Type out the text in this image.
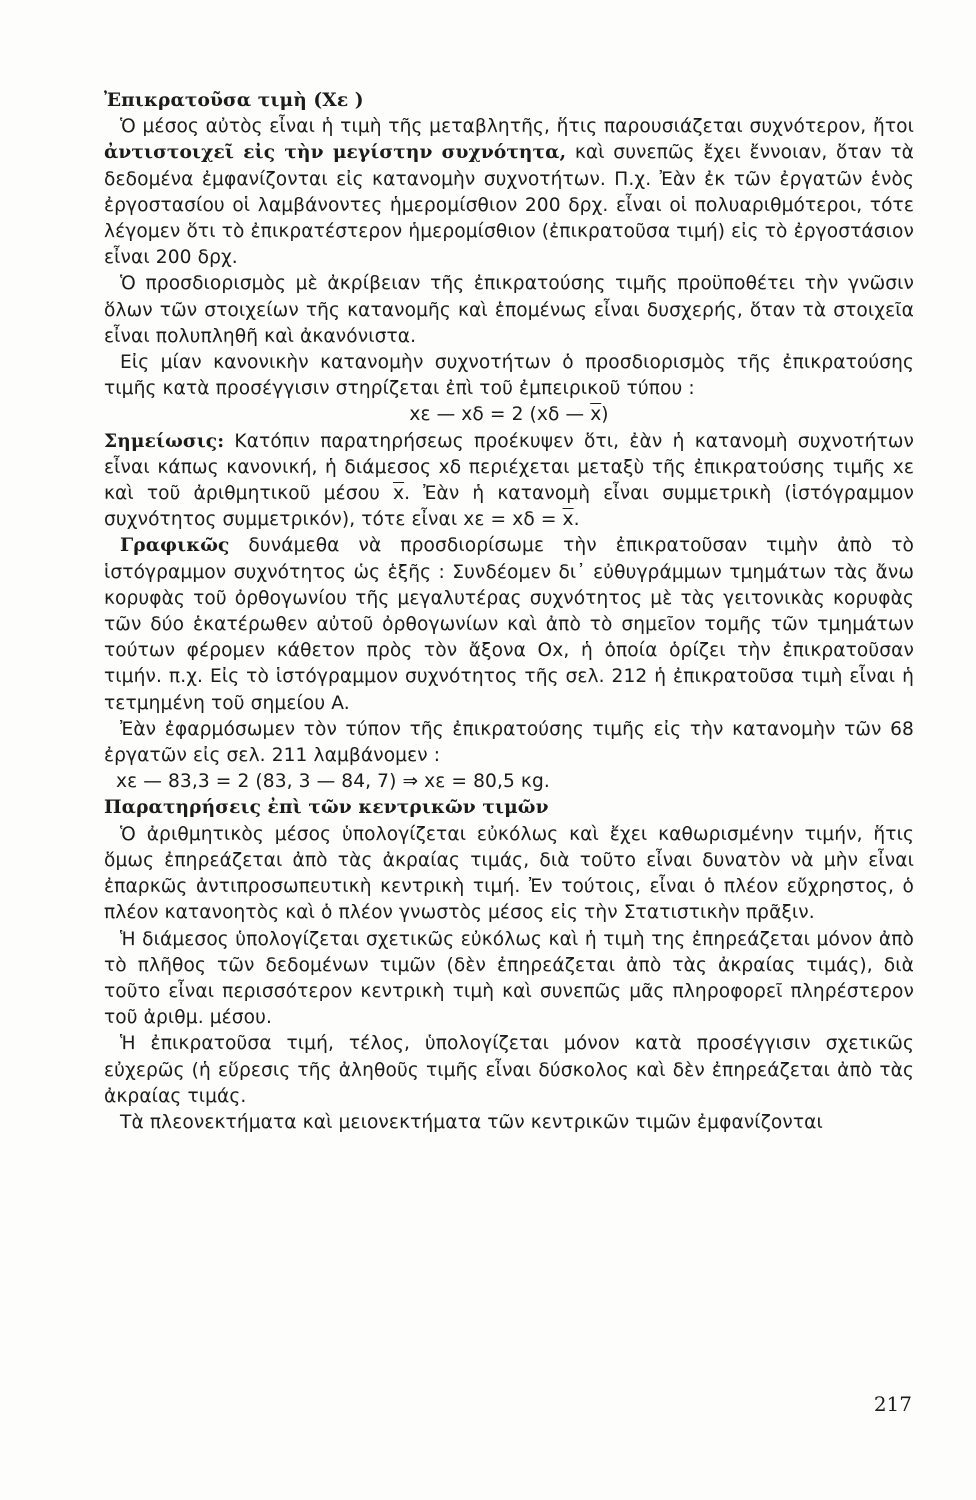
Ἐπικρατοῦσα τιμὴ (Xε )

Ὁ μέσος αὐτὸς εἶναι ἡ τιμὴ τῆς μεταβλητῆς, ἥτις παρουσιάζεται συχνότερον, ἤτοι ἀντιστοιχεῖ εἰς τὴν μεγίστην συχνότητα, καὶ συνεπῶς ἔχει ἔννοιαν, ὅταν τὰ δεδομένα ἐμφανίζονται εἰς κατανομὴν συχνοτήτων. Π.χ. Ἐὰν ἐκ τῶν ἐργατῶν ἑνὸς ἐργοστασίου οἱ λαμβάνοντες ἡμερομίσθιον 200 δρχ. εἶναι οἱ πολυαριθμότεροι, τότε λέγομεν ὅτι τὸ ἐπικρατέστερον ἡμερομίσθιον (ἐπικρατοῦσα τιμή) εἰς τὸ ἐργοστάσιον εἶναι 200 δρχ.

Ὁ προσδιορισμὸς μὲ ἀκρίβειαν τῆς ἐπικρατούσης τιμῆς προϋποθέτει τὴν γνῶσιν ὅλων τῶν στοιχείων τῆς κατανομῆς καὶ ἑπομένως εἶναι δυσχερής, ὅταν τὰ στοιχεῖα εἶναι πολυπληθῆ καὶ ἀκανόνιστα.

Εἰς μίαν κανονικὴν κατανομὴν συχνοτήτων ὁ προσδιορισμὸς τῆς ἐπικρατούσης τιμῆς κατὰ προσέγγισιν στηρίζεται ἐπὶ τοῦ ἐμπειρικοῦ τύπου :

xε — xδ = 2 (xδ — $\overline{x}$)

Σημείωσις: Κατόπιν παρατηρήσεως προέκυψεν ὅτι, ἐὰν ἡ κατανομὴ συχνοτήτων εἶναι κάπως κανονική, ἡ διάμεσος xδ περιέχεται μεταξὺ τῆς ἐπικρατούσης τιμῆς xε καὶ τοῦ ἀριθμητικοῦ μέσου $\overline{x}$. Ἐὰν ἡ κατανομὴ εἶναι συμμετρικὴ (ἱστόγραμμον συχνότητος συμμετρικόν), τότε εἶναι $x\varepsilon = x\delta = \overline{x}$.

Γραφικῶς δυνάμεθα νὰ προσδιορίσωμε τὴν ἐπικρατοῦσαν τιμὴν ἀπὸ τὸ ἱστόγραμμον συχνότητος ὡς ἑξῆς : Συνδέομεν δι᾽ εὐθυγράμμων τμημάτων τὰς ἄνω κορυφὰς τοῦ ὀρθογωνίου τῆς μεγαλυτέρας συχνότητος μὲ τὰς γειτονικὰς κορυφὰς τῶν δύο ἑκατέρωθεν αὐτοῦ ὀρθογωνίων καὶ ἀπὸ τὸ σημεῖον τομῆς τῶν τμημάτων τούτων φέρομεν κάθετον πρὸς τὸν ἄξονα Ox, ἡ ὁποία ὁρίζει τὴν ἐπικρατοῦσαν τιμήν. π.χ. Εἰς τὸ ἱστόγραμμον συχνότητος τῆς σελ. 212 ἡ ἐπικρατοῦσα τιμὴ εἶναι ἡ τετμημένη τοῦ σημείου A.

Ἐὰν ἐφαρμόσωμεν τὸν τύπον τῆς ἐπικρατούσης τιμῆς εἰς τὴν κατανομὴν τῶν 68 ἐργατῶν εἰς σελ. 211 λαμβάνομεν :

xε — 83,3 = 2 (83, 3 — 84, 7) ⇒ xε = 80,5 κg.

Παρατηρήσεις ἐπὶ τῶν κεντρικῶν τιμῶν

Ὁ ἀριθμητικὸς μέσος ὑπολογίζεται εὐκόλως καὶ ἔχει καθωρισμένην τιμήν, ἥτις ὅμως ἐπηρεάζεται ἀπὸ τὰς ἀκραίας τιμάς, διὰ τοῦτο εἶναι δυνατὸν νὰ μὴν εἶναι ἐπαρκῶς ἀντιπροσωπευτικὴ κεντρικὴ τιμή. Ἐν τούτοις, εἶναι ὁ πλέον εὔχρηστος, ὁ πλέον κατανοητὸς καὶ ὁ πλέον γνωστὸς μέσος εἰς τὴν Στατιστικὴν πρᾶξιν.

Ἡ διάμεσος ὑπολογίζεται σχετικῶς εὐκόλως καὶ ἡ τιμὴ της ἐπηρεάζεται μόνον ἀπὸ τὸ πλῆθος τῶν δεδομένων τιμῶν (δὲν ἐπηρεάζεται ἀπὸ τὰς ἀκραίας τιμάς), διὰ τοῦτο εἶναι περισσότερον κεντρικὴ τιμὴ καὶ συνεπῶς μᾶς πληροφορεῖ πληρέστερον τοῦ ἀριθμ. μέσου.

Ἡ ἐπικρατοῦσα τιμή, τέλος, ὑπολογίζεται μόνον κατὰ προσέγγισιν σχετικῶς εὐχερῶς (ἡ εὕρεσις τῆς ἀληθοῦς τιμῆς εἶναι δύσκολος καὶ δὲν ἐπηρεάζεται ἀπὸ τὰς ἀκραίας τιμάς.

Τὰ πλεονεκτήματα καὶ μειονεκτήματα τῶν κεντρικῶν τιμῶν ἐμφανίζονται

217
